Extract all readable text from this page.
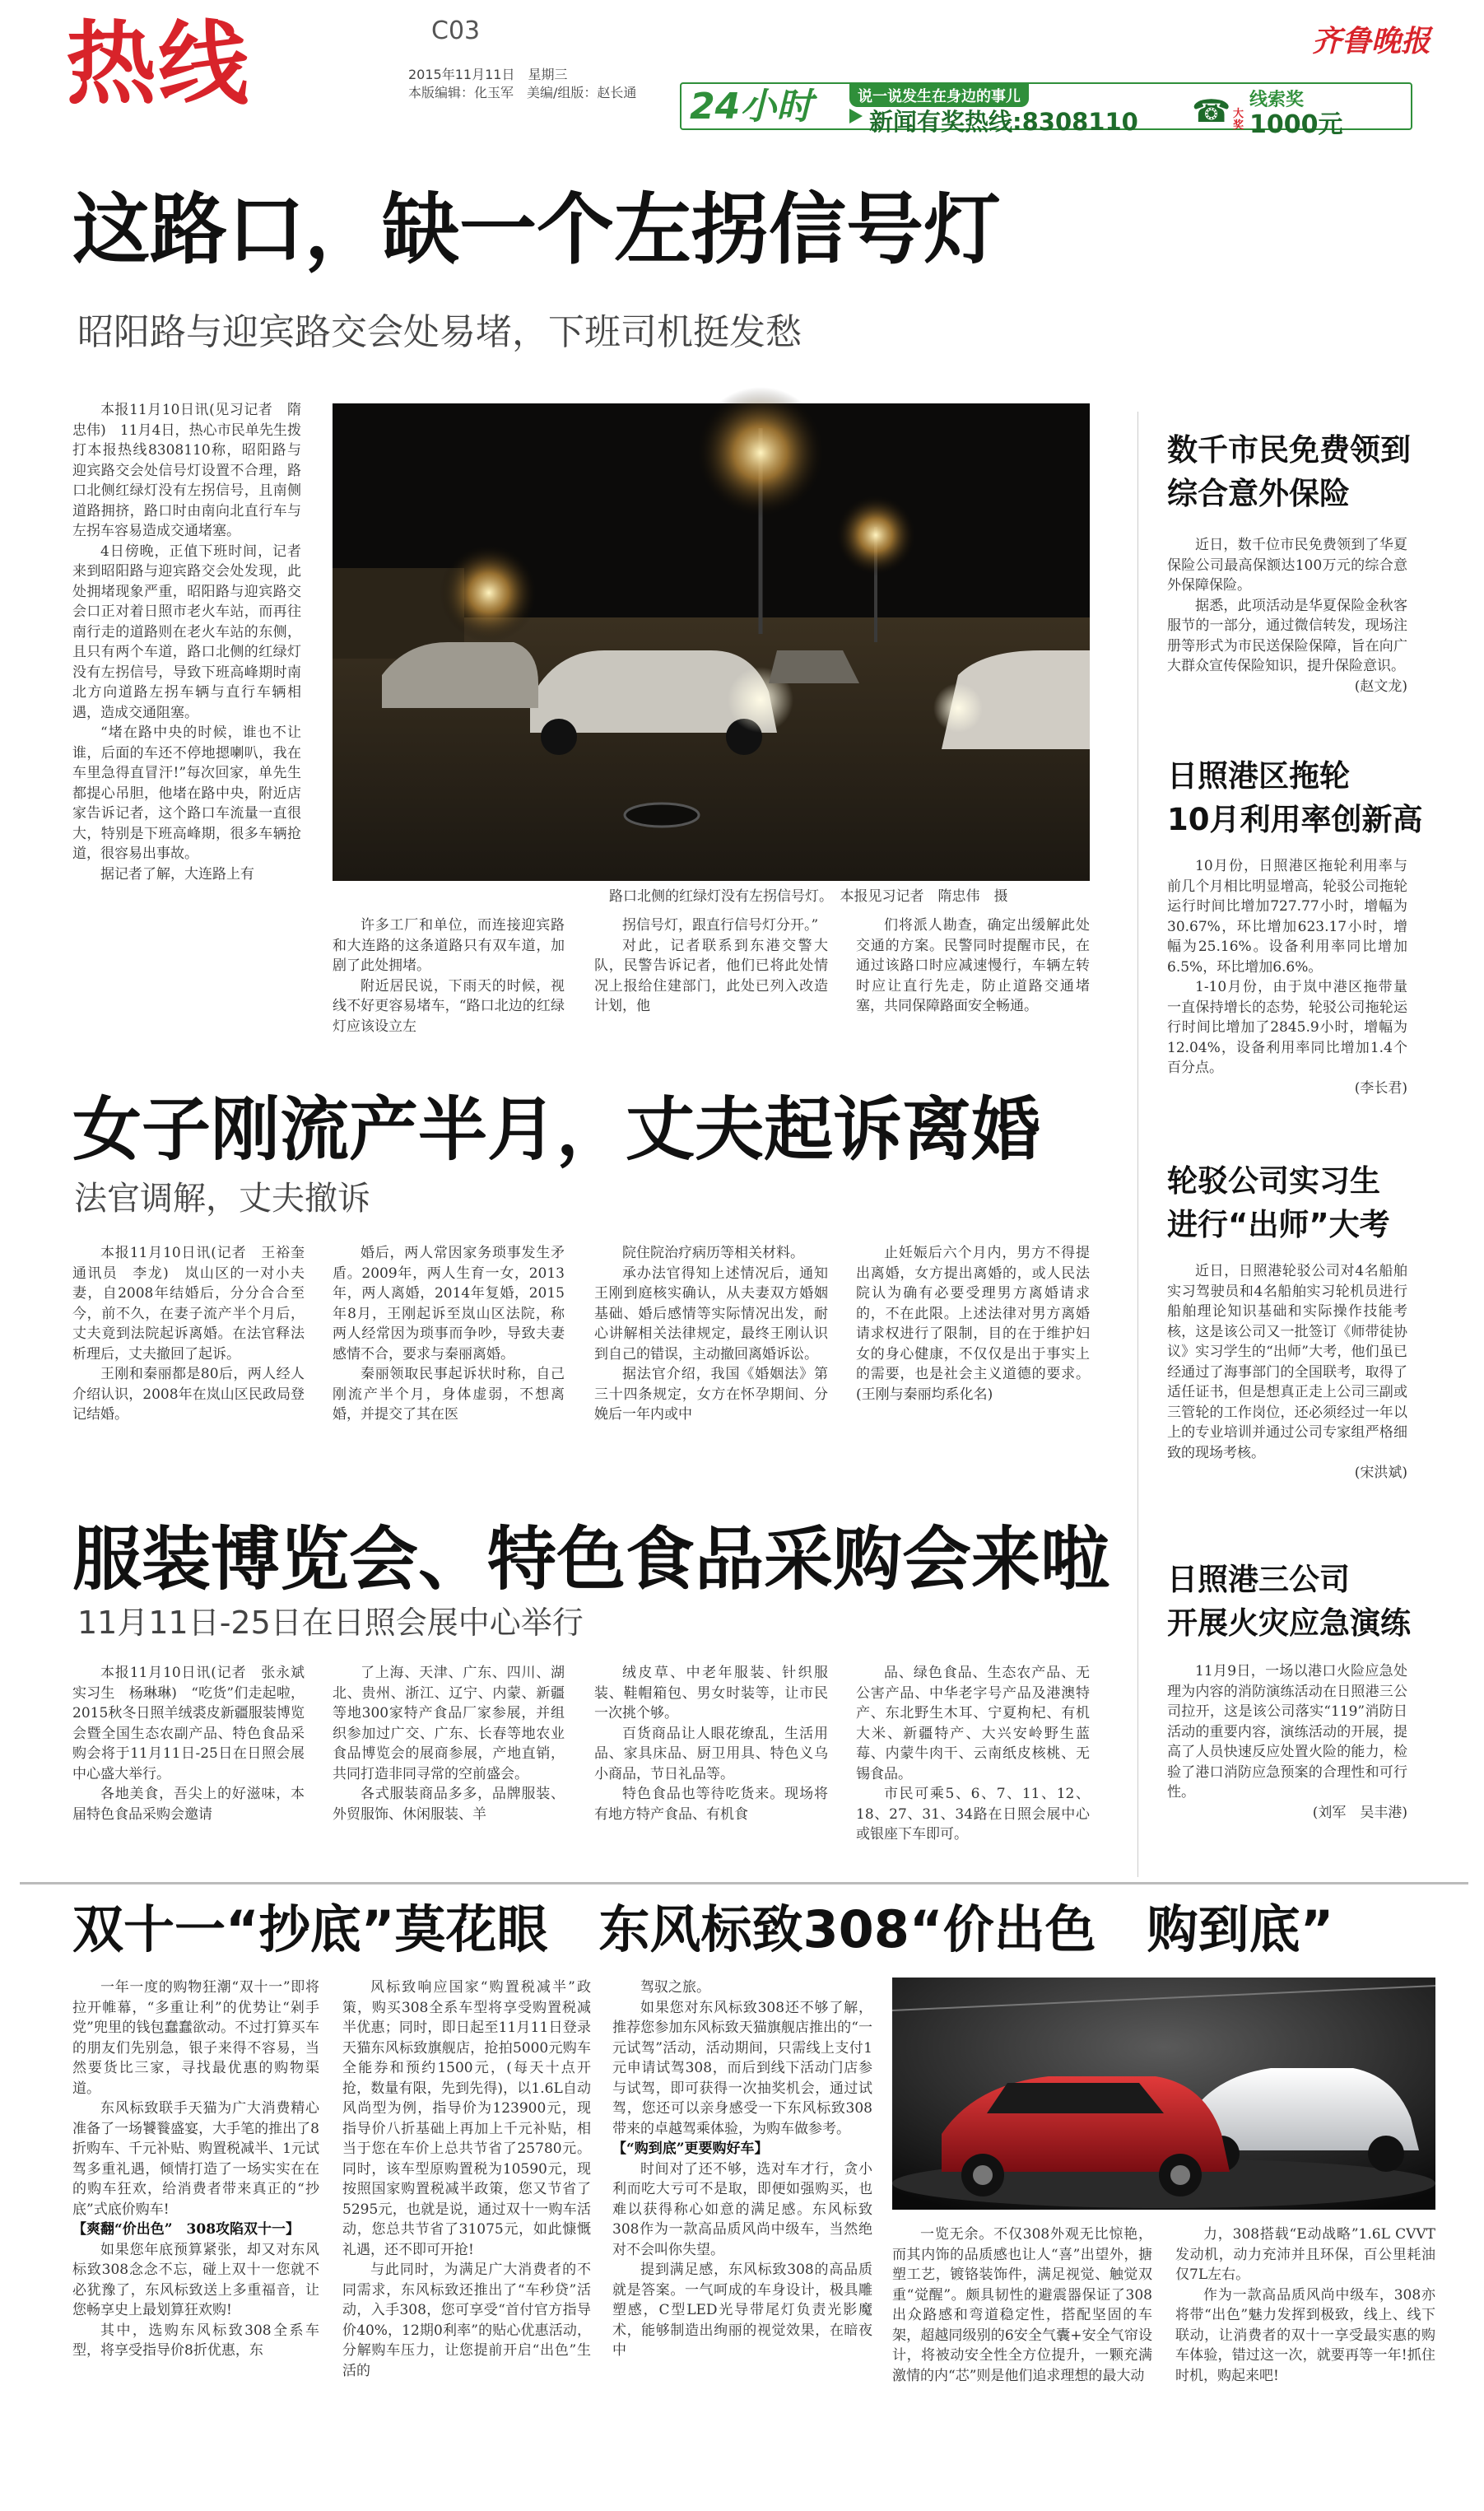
热线	C03
2015年11月11日　星期三
本版编辑：化玉军　美编/组版：赵长通
齐鲁晚报
24小时	说一说发生在身边的事儿
新闻有奖热线:8308110 ☎ 线索奖
大奖 1000元
这路口，缺一个左拐信号灯
昭阳路与迎宾路交会处易堵，下班司机挺发愁

本报11月10日讯(见习记者　隋忠伟)　11月4日，热心市民单先生拨打本报热线8308110称，昭阳路与迎宾路交会处信号灯设置不合理，路口北侧红绿灯没有左拐信号，且南侧道路拥挤，路口时由南向北直行车与左拐车容易造成交通堵塞。

4日傍晚，正值下班时间，记者来到昭阳路与迎宾路交会处发现，此处拥堵现象严重，昭阳路与迎宾路交会口正对着日照市老火车站，而再往南行走的道路则在老火车站的东侧，且只有两个车道，路口北侧的红绿灯没有左拐信号，导致下班高峰期时南北方向道路左拐车辆与直行车辆相遇，造成交通阻塞。

“堵在路中央的时候，谁也不让谁，后面的车还不停地摁喇叭，我在车里急得直冒汗!”每次回家，单先生都提心吊胆，他堵在路中央，附近店家告诉记者，这个路口车流量一直很大，特别是下班高峰期，很多车辆抢道，很容易出事故。

据记者了解，大连路上有

路口北侧的红绿灯没有左拐信号灯。　本报见习记者　隋忠伟　摄

许多工厂和单位，而连接迎宾路和大连路的这条道路只有双车道，加剧了此处拥堵。

附近居民说，下雨天的时候，视线不好更容易堵车，“路口北边的红绿灯应该设立左

拐信号灯，跟直行信号灯分开。”

对此，记者联系到东港交警大队，民警告诉记者，他们已将此处情况上报给住建部门，此处已列入改造计划，他

们将派人勘查，确定出缓解此处交通的方案。民警同时提醒市民，在通过该路口时应减速慢行，车辆左转时应让直行先走，防止道路交通堵塞，共同保障路面安全畅通。

女子刚流产半月，丈夫起诉离婚
法官调解，丈夫撤诉

本报11月10日讯(记者　王裕奎　通讯员　李龙)　岚山区的一对小夫妻，自2008年结婚后，分分合合至今，前不久，在妻子流产半个月后，丈夫竟到法院起诉离婚。在法官释法析理后，丈夫撤回了起诉。

王刚和秦丽都是80后，两人经人介绍认识，2008年在岚山区民政局登记结婚。

婚后，两人常因家务琐事发生矛盾。2009年，两人生育一女，2013年，两人离婚，2014年复婚，2015年8月，王刚起诉至岚山区法院，称两人经常因为琐事而争吵，导致夫妻感情不合，要求与秦丽离婚。

秦丽领取民事起诉状时称，自己刚流产半个月，身体虚弱，不想离婚，并提交了其在医

院住院治疗病历等相关材料。

承办法官得知上述情况后，通知王刚到庭核实确认，从夫妻双方婚姻基础、婚后感情等实际情况出发，耐心讲解相关法律规定，最终王刚认识到自己的错误，主动撤回离婚诉讼。

据法官介绍，我国《婚姻法》第三十四条规定，女方在怀孕期间、分娩后一年内或中

止妊娠后六个月内，男方不得提出离婚，女方提出离婚的，或人民法院认为确有必要受理男方离婚请求的，不在此限。上述法律对男方离婚请求权进行了限制，目的在于维护妇女的身心健康，不仅仅是出于事实上的需要，也是社会主义道德的要求。(王刚与秦丽均系化名)

服装博览会、特色食品采购会来啦
11月11日-25日在日照会展中心举行

本报11月10日讯(记者　张永斌　实习生　杨琳琳)　“吃货”们走起啦，2015秋冬日照羊绒裘皮新疆服装博览会暨全国生态农副产品、特色食品采购会将于11月11日-25日在日照会展中心盛大举行。

各地美食，吾尖上的好滋味，本届特色食品采购会邀请

了上海、天津、广东、四川、湖北、贵州、浙江、辽宁、内蒙、新疆等地300家特产食品厂家参展，并组织参加过广交、广东、长春等地农业食品博览会的展商参展，产地直销，共同打造非同寻常的空前盛会。

各式服装商品多多，品牌服装、外贸服饰、休闲服装、羊

绒皮草、中老年服装、针织服装、鞋帽箱包、男女时装等，让市民一次挑个够。

百货商品让人眼花缭乱，生活用品、家具床品、厨卫用具、特色义乌小商品，节日礼品等。

特色食品也等待吃货来。现场将有地方特产食品、有机食

品、绿色食品、生态农产品、无公害产品、中华老字号产品及港澳特产、东北野生木耳、宁夏枸杞、有机大米、新疆特产、大兴安岭野生蓝莓、内蒙牛肉干、云南纸皮核桃、无锡食品。

市民可乘5、6、7、11、12、18、27、31、34路在日照会展中心或银座下车即可。

数千市民免费领到
综合意外保险

近日，数千位市民免费领到了华夏保险公司最高保额达100万元的综合意外保障保险。

据悉，此项活动是华夏保险金秋客服节的一部分，通过微信转发，现场注册等形式为市民送保险保障，旨在向广大群众宣传保险知识，提升保险意识。

(赵文龙)
日照港区拖轮
10月利用率创新高

10月份，日照港区拖轮利用率与前几个月相比明显增高，轮驳公司拖轮运行时间比增加727.77小时，增幅为30.67%，环比增加623.17小时，增幅为25.16%。设备利用率同比增加6.5%，环比增加6.6%。

1-10月份，由于岚中港区拖带量一直保持增长的态势，轮驳公司拖轮运行时间比增加了2845.9小时，增幅为12.04%，设备利用率同比增加1.4个百分点。

(李长君)
轮驳公司实习生
进行“出师”大考

近日，日照港轮驳公司对4名船舶实习驾驶员和4名船舶实习轮机员进行船舶理论知识基础和实际操作技能考核，这是该公司又一批签订《师带徒协议》实习学生的“出师”大考，他们虽已经通过了海事部门的全国联考，取得了适任证书，但是想真正走上公司三副或三管轮的工作岗位，还必须经过一年以上的专业培训并通过公司专家组严格细致的现场考核。

(宋洪斌)
日照港三公司
开展火灾应急演练

11月9日，一场以港口火险应急处理为内容的消防演练活动在日照港三公司拉开，这是该公司落实“119”消防日活动的重要内容，演练活动的开展，提高了人员快速反应处置火险的能力，检验了港口消防应急预案的合理性和可行性。

(刘军　吴丰港)
双十一“抄底”莫花眼　东风标致308“价出色　购到底”

一年一度的购物狂潮“双十一”即将拉开帷幕，“多重让利”的优势让“剁手党”兜里的钱包蠢蠢欲动。不过打算买车的朋友们先别急，银子来得不容易，当然要货比三家，寻找最优惠的购物渠道。

东风标致联手天猫为广大消费精心准备了一场饕餮盛宴，大手笔的推出了8折购车、千元补贴、购置税减半、1元试驾多重礼遇，倾情打造了一场实实在在的购车狂欢，给消费者带来真正的“抄底”式底价购车!

【爽翻“价出色”　308攻陷双十一】

如果您年底预算紧张，却又对东风标致308念念不忘，碰上双十一您就不必犹豫了，东风标致送上多重福音，让您畅享史上最划算狂欢购!

其中，选购东风标致308全系车型，将享受指导价8折优惠，东

风标致响应国家“购置税减半”政策，购买308全系车型将享受购置税减半优惠；同时，即日起至11月11日登录天猫东风标致旗舰店，抢拍5000元购车全能券和预约1500元，(每天十点开抢，数量有限，先到先得)，以1.6L自动风尚型为例，指导价为123900元，现指导价八折基础上再加上千元补贴，相当于您在车价上总共节省了25780元。同时，该车型原购置税为10590元，现按照国家购置税减半政策，您又节省了5295元，也就是说，通过双十一购车活动，您总共节省了31075元，如此慷慨礼遇，还不即可开抢!

与此同时，为满足广大消费者的不同需求，东风标致还推出了“车秒贷”活动，入手308，您可享受“首付官方指导价40%，12期0利率”的贴心优惠活动，分解购车压力，让您提前开启“出色”生活的

驾驭之旅。

如果您对东风标致308还不够了解，推荐您参加东风标致天猫旗舰店推出的“一元试驾”活动，活动期间，只需线上支付1元申请试驾308，而后到线下活动门店参与试驾，即可获得一次抽奖机会，通过试驾，您还可以亲身感受一下东风标致308带来的卓越驾乘体验，为购车做参考。

【“购到底”更要购好车】

时间对了还不够，选对车才行，贪小利而吃大亏可不是取，即便如强购买，也难以获得称心如意的满足感。东风标致308作为一款高品质风尚中级车，当然绝对不会叫你失望。

提到满足感，东风标致308的高品质就是答案。一气呵成的车身设计，极具雕塑感，C型LED光导带尾灯负责光影魔术，能够制造出绚丽的视觉效果，在暗夜中

一览无余。不仅308外观无比惊艳，而其内饰的品质感也让人“喜”出望外，搪塑工艺，镀铬装饰件，满足视觉、触觉双重“觉醒”。颇具韧性的避震器保证了308出众路感和弯道稳定性，搭配坚固的车架，超越同级别的6安全气囊+安全气帘设计，将被动安全性全方位提升，一颗充满激情的内“芯”则是他们追求理想的最大动

力，308搭载“E动战略”1.6L CVVT发动机，动力充沛并且环保，百公里耗油仅7L左右。

作为一款高品质风尚中级车，308亦将带“出色”魅力发挥到极致，线上、线下联动，让消费者的双十一享受最实惠的购车体验，错过这一次，就要再等一年!抓住时机，购起来吧!
